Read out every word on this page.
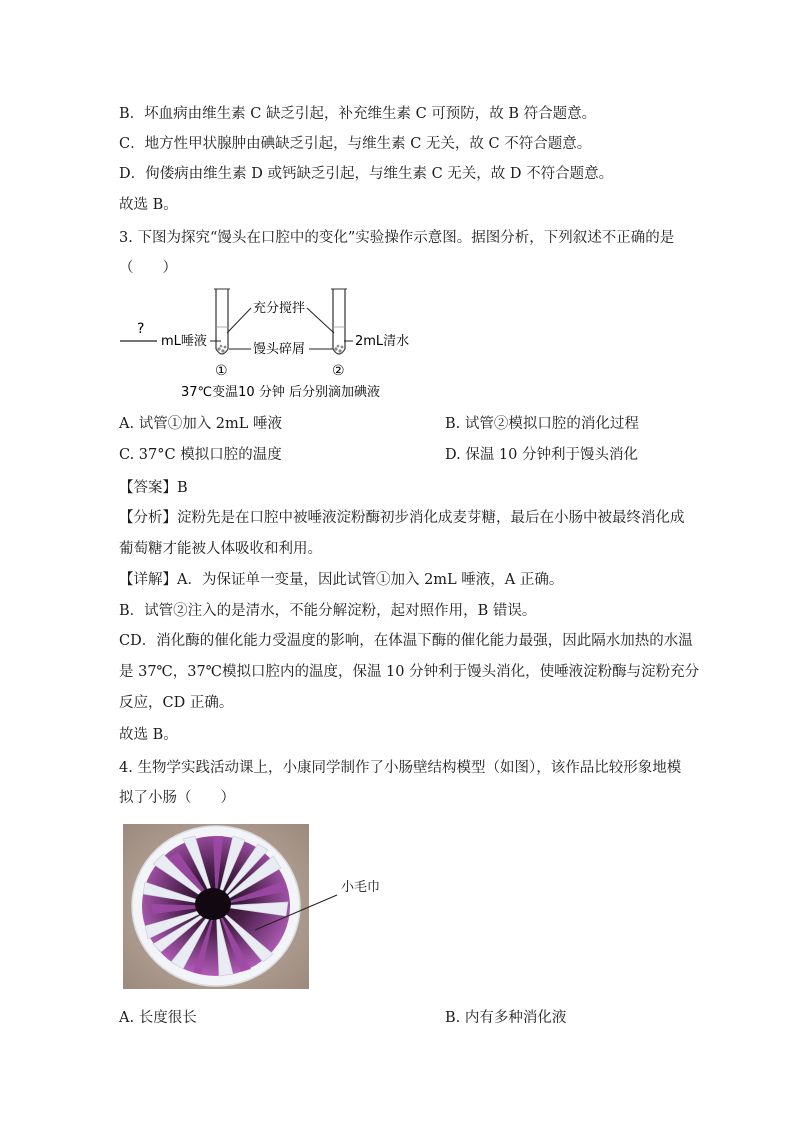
B．坏血病由维生素 C 缺乏引起，补充维生素 C 可预防，故 B 符合题意。
C．地方性甲状腺肿由碘缺乏引起，与维生素 C 无关，故 C 不符合题意。
D．佝偻病由维生素 D 或钙缺乏引起，与维生素 C 无关，故 D 不符合题意。
故选 B。
3. 下图为探究“馒头在口腔中的变化”实验操作示意图。据图分析，下列叙述不正确的是
（　　）
?
mL唾液
充分搅拌
2mL清水
馒头碎屑
①	②
37℃变温10 分钟 后分别滴加碘液
A. 试管①加入 2mL 唾液	B. 试管②模拟口腔的消化过程
C. 37°C 模拟口腔的温度	D. 保温 10 分钟利于馒头消化
【答案】B
【分析】淀粉先是在口腔中被唾液淀粉酶初步消化成麦芽糖，最后在小肠中被最终消化成
葡萄糖才能被人体吸收和利用。
【详解】A．为保证单一变量，因此试管①加入 2mL 唾液，A 正确。
B．试管②注入的是清水，不能分解淀粉，起对照作用，B 错误。
CD．消化酶的催化能力受温度的影响，在体温下酶的催化能力最强，因此隔水加热的水温
是 37℃，37℃模拟口腔内的温度，保温 10 分钟利于馒头消化，使唾液淀粉酶与淀粉充分
反应，CD 正确。
故选 B。
4. 生物学实践活动课上，小康同学制作了小肠壁结构模型（如图），该作品比较形象地模
拟了小肠（　　）
小毛巾
A. 长度很长	B. 内有多种消化液
